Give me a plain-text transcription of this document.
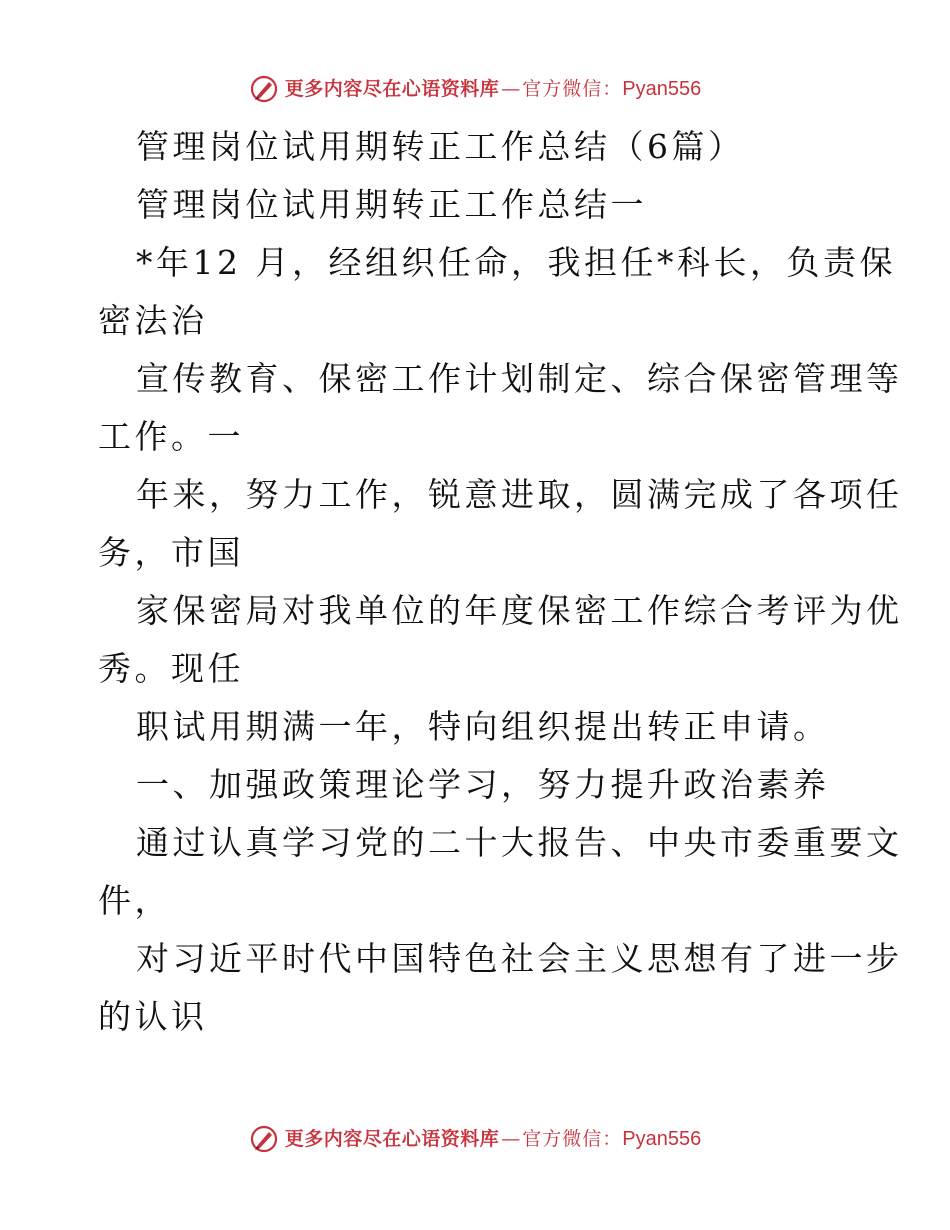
更多内容尽在心语资料库 — 官方微信： Pyan556
管理岗位试用期转正工作总结（6篇）
管理岗位试用期转正工作总结一
*年12 月，经组织任命，我担任*科长，负责保
密法治
宣传教育、保密工作计划制定、综合保密管理等
工作。一
年来，努力工作，锐意进取，圆满完成了各项任
务，市国
家保密局对我单位的年度保密工作综合考评为优
秀。现任
职试用期满一年，特向组织提出转正申请。
一、加强政策理论学习，努力提升政治素养
通过认真学习党的二十大报告、中央市委重要文
件，
对习近平时代中国特色社会主义思想有了进一步
的认识
更多内容尽在心语资料库 — 官方微信： Pyan556
